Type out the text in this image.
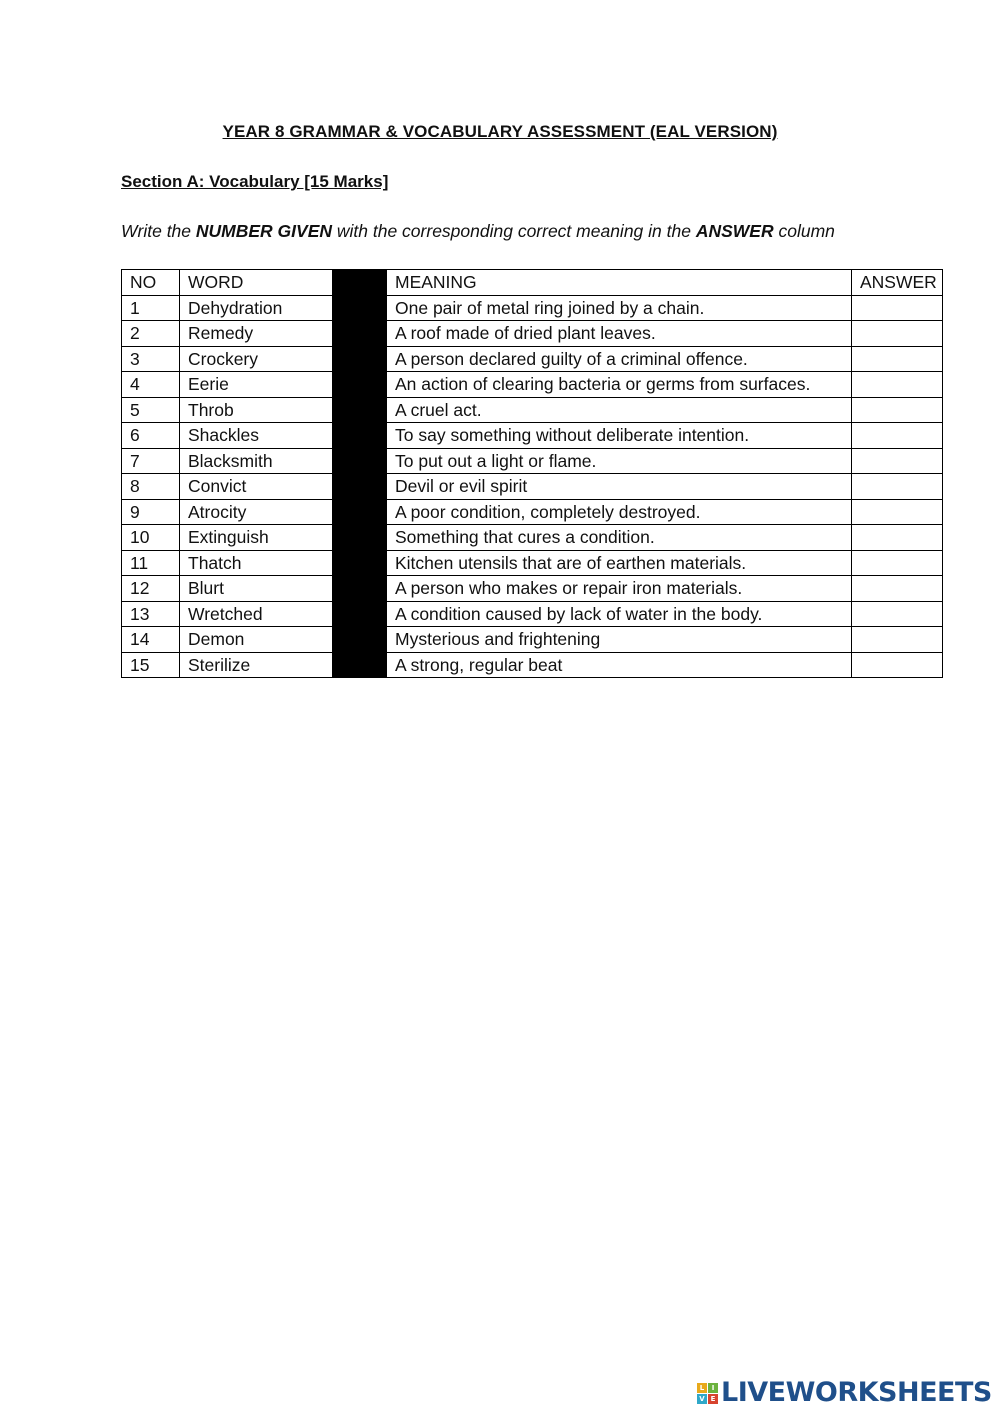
YEAR 8 GRAMMAR & VOCABULARY ASSESSMENT (EAL VERSION)
Section A: Vocabulary [15 Marks]
Write the NUMBER GIVEN with the corresponding correct meaning in the ANSWER column
NO	WORD		MEANING	ANSWER
1	Dehydration		One pair of metal ring joined by a chain.	
2	Remedy		A roof made of dried plant leaves.	
3	Crockery		A person declared guilty of a criminal offence.	
4	Eerie		An action of clearing bacteria or germs from surfaces.	
5	Throb		A cruel act.	
6	Shackles		To say something without deliberate intention.	
7	Blacksmith		To put out a light or flame.	
8	Convict		Devil or evil spirit	
9	Atrocity		A poor condition, completely destroyed.	
10	Extinguish		Something that cures a condition.	
11	Thatch		Kitchen utensils that are of earthen materials.	
12	Blurt		A person who makes or repair iron materials.	
13	Wretched		A condition caused by lack of water in the body.	
14	Demon		Mysterious and frightening	
15	Sterilize		A strong, regular beat	
L	I
V E LIVEWORKSHEETS
